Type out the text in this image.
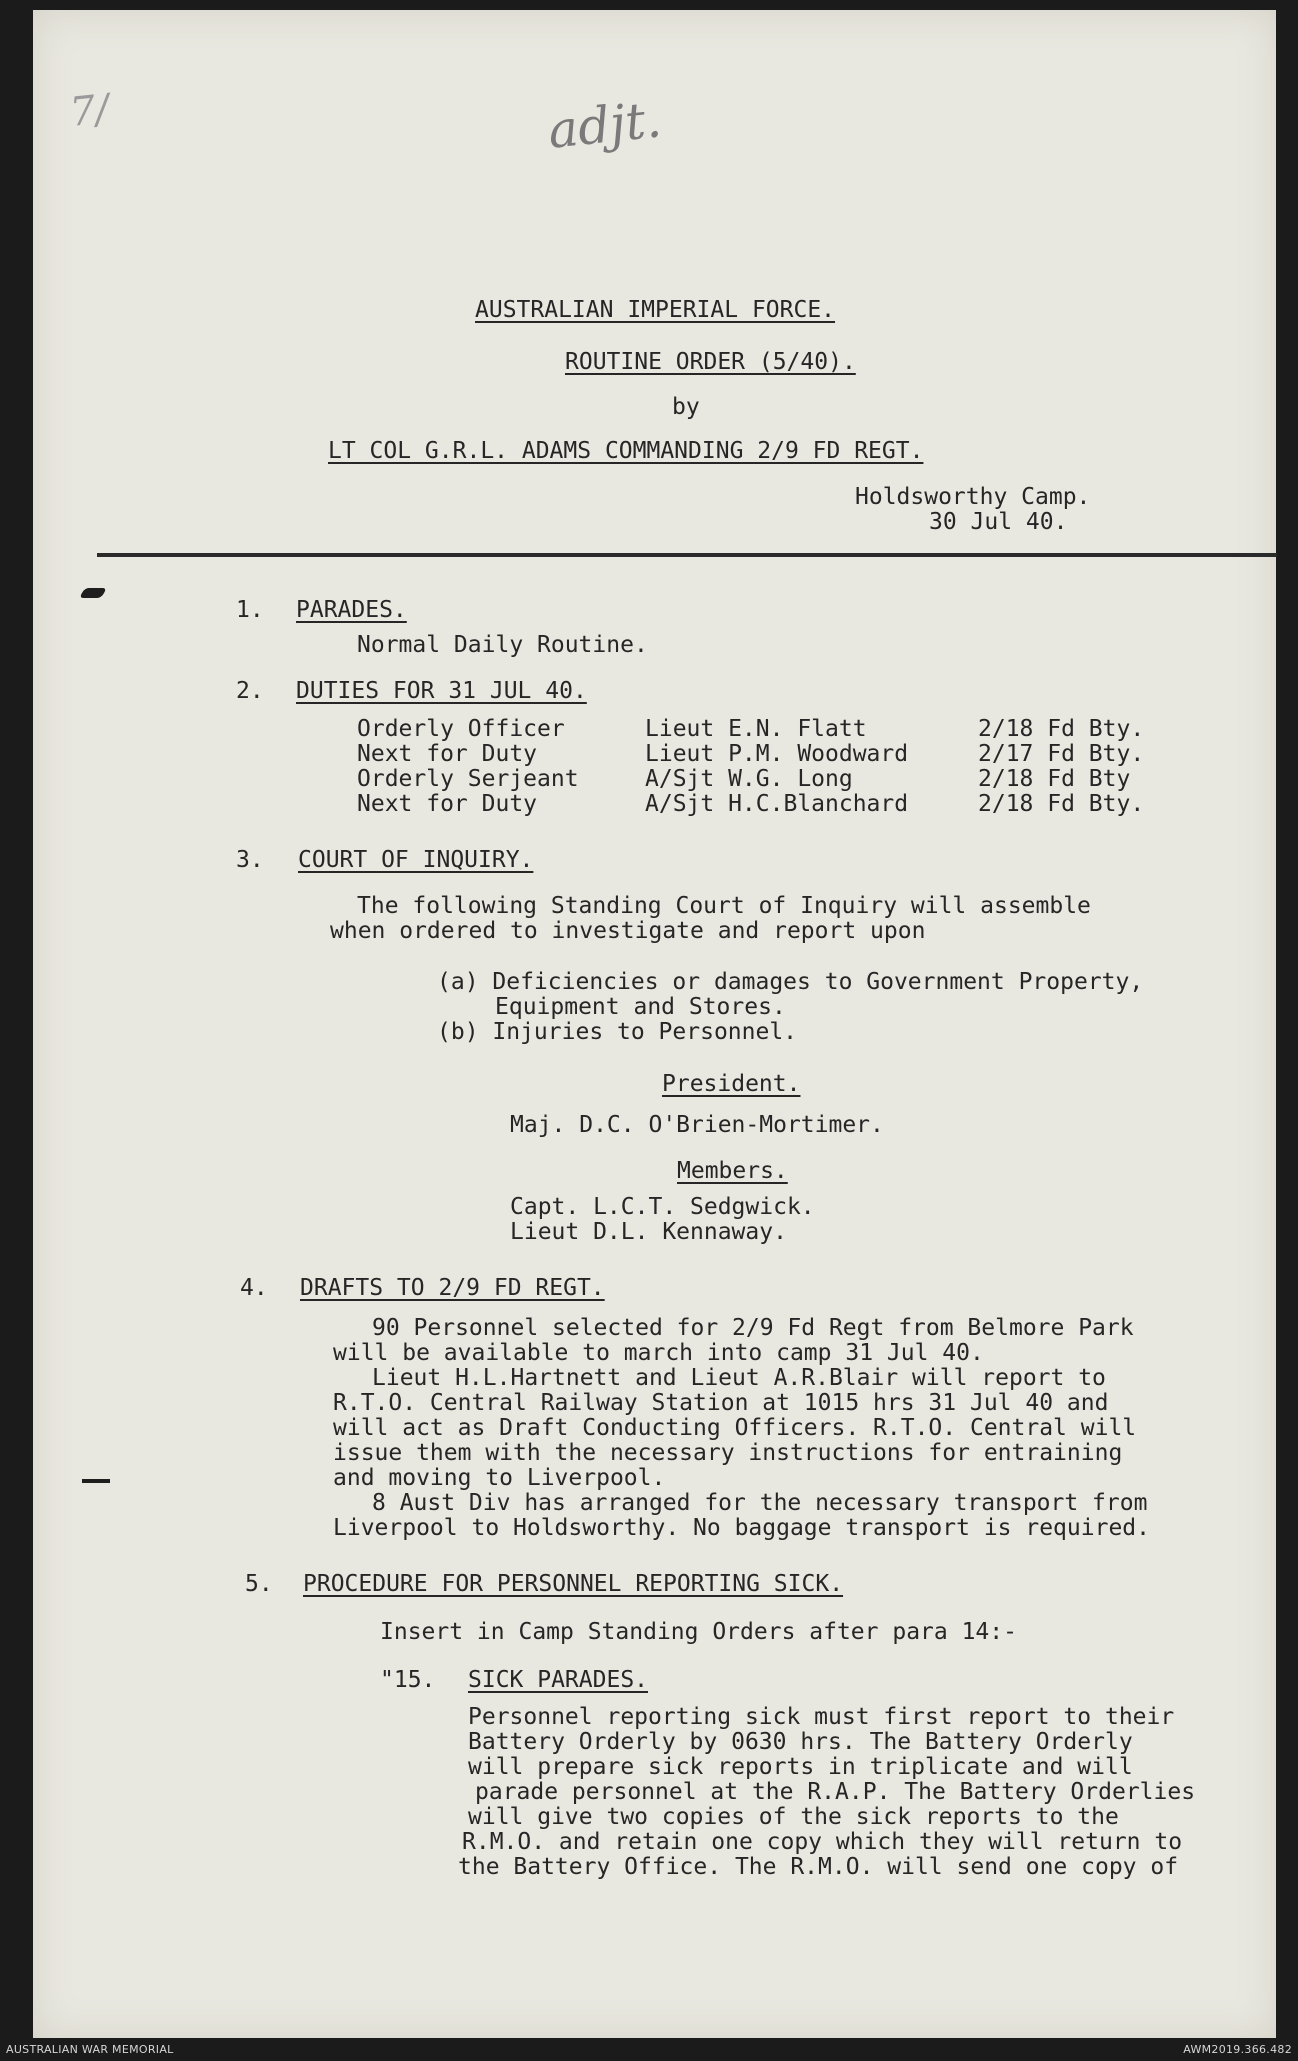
7/	adjt.
AUSTRALIAN IMPERIAL FORCE.
ROUTINE ORDER (5/40).
by
LT COL G.R.L. ADAMS COMMANDING 2/9 FD REGT.
Holdsworthy Camp.
30 Jul 40.
1. PARADES.
Normal Daily Routine.
2. DUTIES FOR 31 JUL 40.
Orderly Officer	Lieut E.N. Flatt	2/18 Fd Bty.
Next for Duty	Lieut P.M. Woodward	2/17 Fd Bty.
Orderly Serjeant	A/Sjt W.G. Long	2/18 Fd Bty
Next for Duty	A/Sjt H.C.Blanchard	2/18 Fd Bty.
3. COURT OF INQUIRY.
The following Standing Court of Inquiry will assemble
when ordered to investigate and report upon
(a) Deficiencies or damages to Government Property,
Equipment and Stores.
(b) Injuries to Personnel.
President.
Maj. D.C. O'Brien-Mortimer.
Members.
Capt. L.C.T. Sedgwick.
Lieut D.L. Kennaway.
4. DRAFTS TO 2/9 FD REGT.
90 Personnel selected for 2/9 Fd Regt from Belmore Park
will be available to march into camp 31 Jul 40.
Lieut H.L.Hartnett and Lieut A.R.Blair will report to
R.T.O. Central Railway Station at 1015 hrs 31 Jul 40 and
will act as Draft Conducting Officers. R.T.O. Central will
issue them with the necessary instructions for entraining
and moving to Liverpool.
8 Aust Div has arranged for the necessary transport from
Liverpool to Holdsworthy. No baggage transport is required.
5. PROCEDURE FOR PERSONNEL REPORTING SICK.
Insert in Camp Standing Orders after para 14:-
"15. SICK PARADES.
Personnel reporting sick must first report to their
Battery Orderly by 0630 hrs. The Battery Orderly
will prepare sick reports in triplicate and will
parade personnel at the R.A.P. The Battery Orderlies
will give two copies of the sick reports to the
R.M.O. and retain one copy which they will return to
the Battery Office. The R.M.O. will send one copy of
AUSTRALIAN WAR MEMORIAL	AWM2019.366.482
